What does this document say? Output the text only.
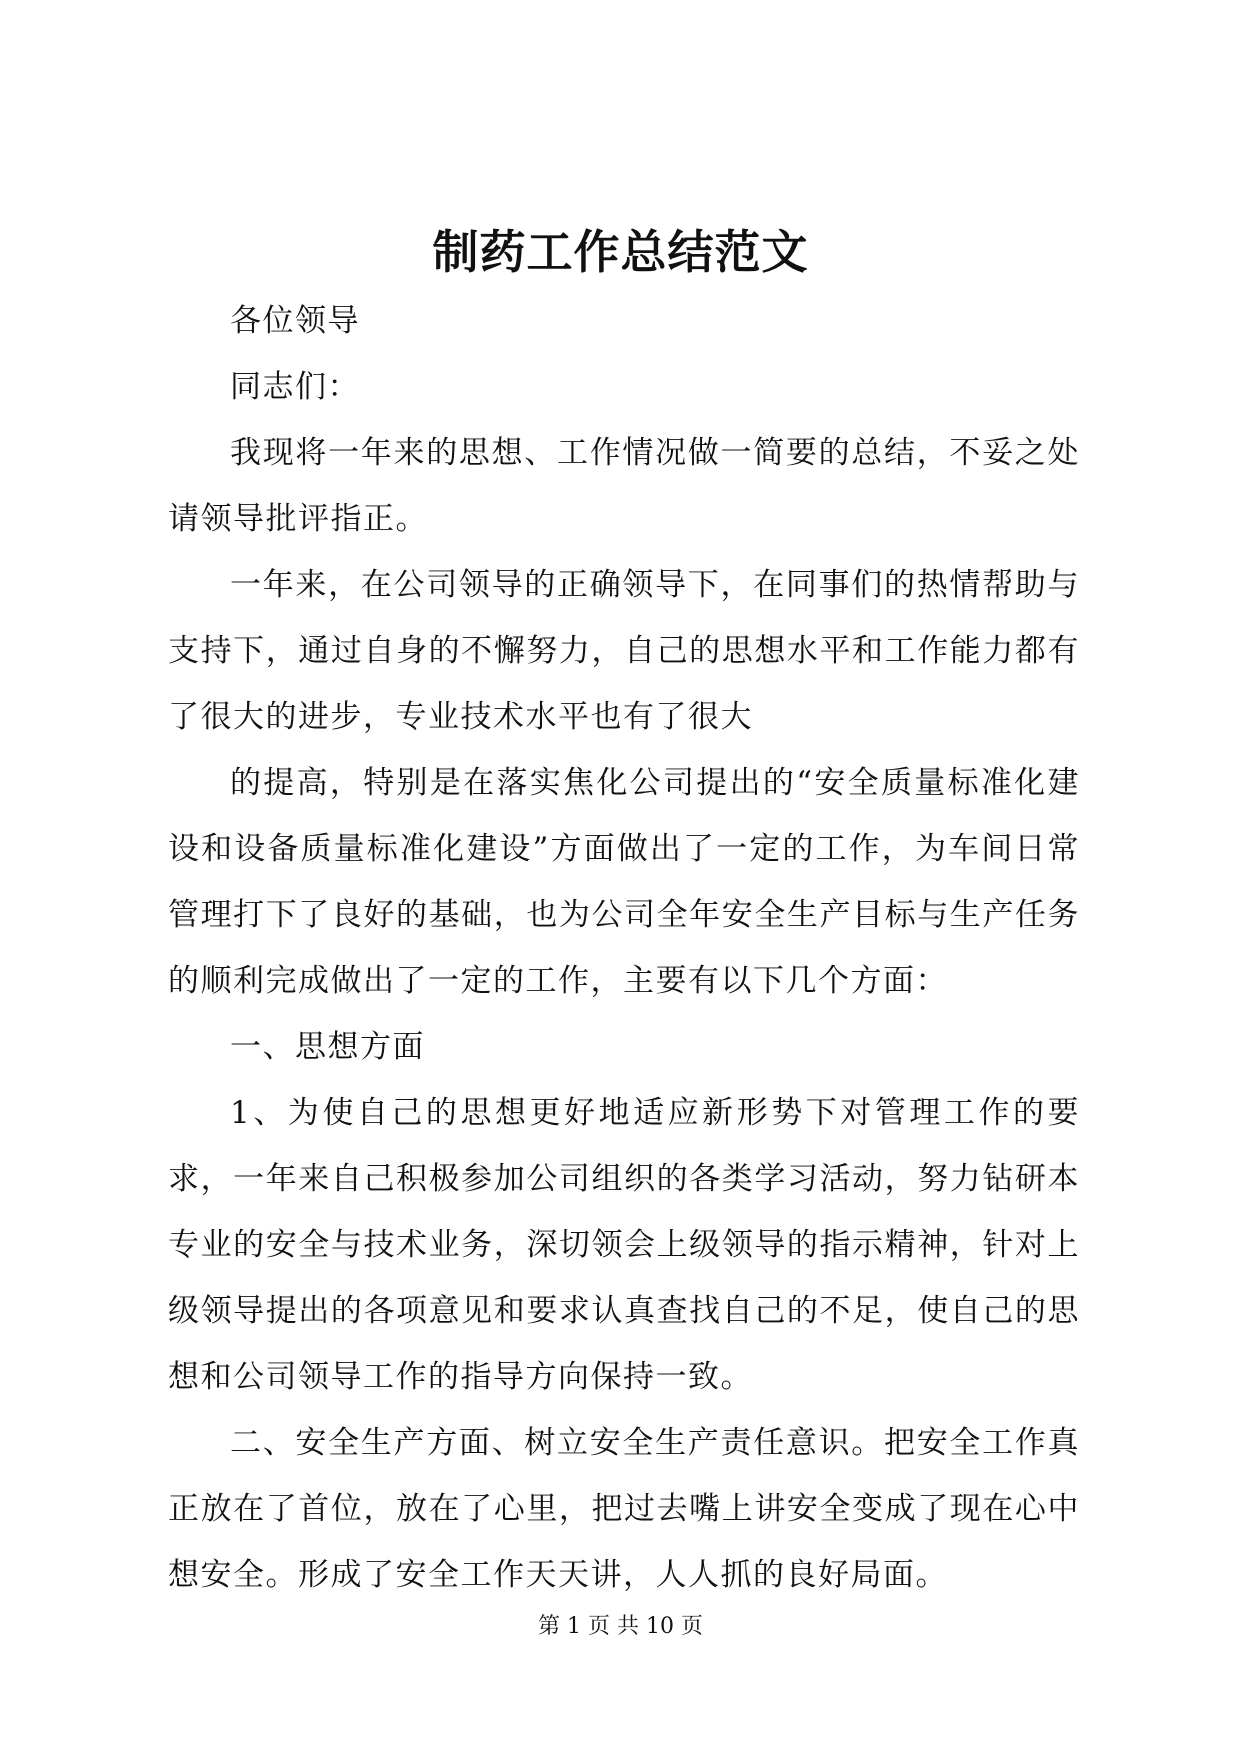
制药工作总结范文

各位领导

同志们：

我现将一年来的思想、工作情况做一简要的总结，不妥之处请领导批评指正。

一年来，在公司领导的正确领导下，在同事们的热情帮助与支持下，通过自身的不懈努力，自己的思想水平和工作能力都有了很大的进步，专业技术水平也有了很大

的提高，特别是在落实焦化公司提出的“安全质量标准化建设和设备质量标准化建设”方面做出了一定的工作，为车间日常管理打下了良好的基础，也为公司全年安全生产目标与生产任务的顺利完成做出了一定的工作，主要有以下几个方面：

一、思想方面

1、为使自己的思想更好地适应新形势下对管理工作的要求，一年来自己积极参加公司组织的各类学习活动，努力钻研本专业的安全与技术业务，深切领会上级领导的指示精神，针对上级领导提出的各项意见和要求认真查找自己的不足，使自己的思想和公司领导工作的指导方向保持一致。

二、安全生产方面、树立安全生产责任意识。把安全工作真正放在了首位，放在了心里，把过去嘴上讲安全变成了现在心中想安全。形成了安全工作天天讲，人人抓的良好局面。

第 1 页 共 10 页
